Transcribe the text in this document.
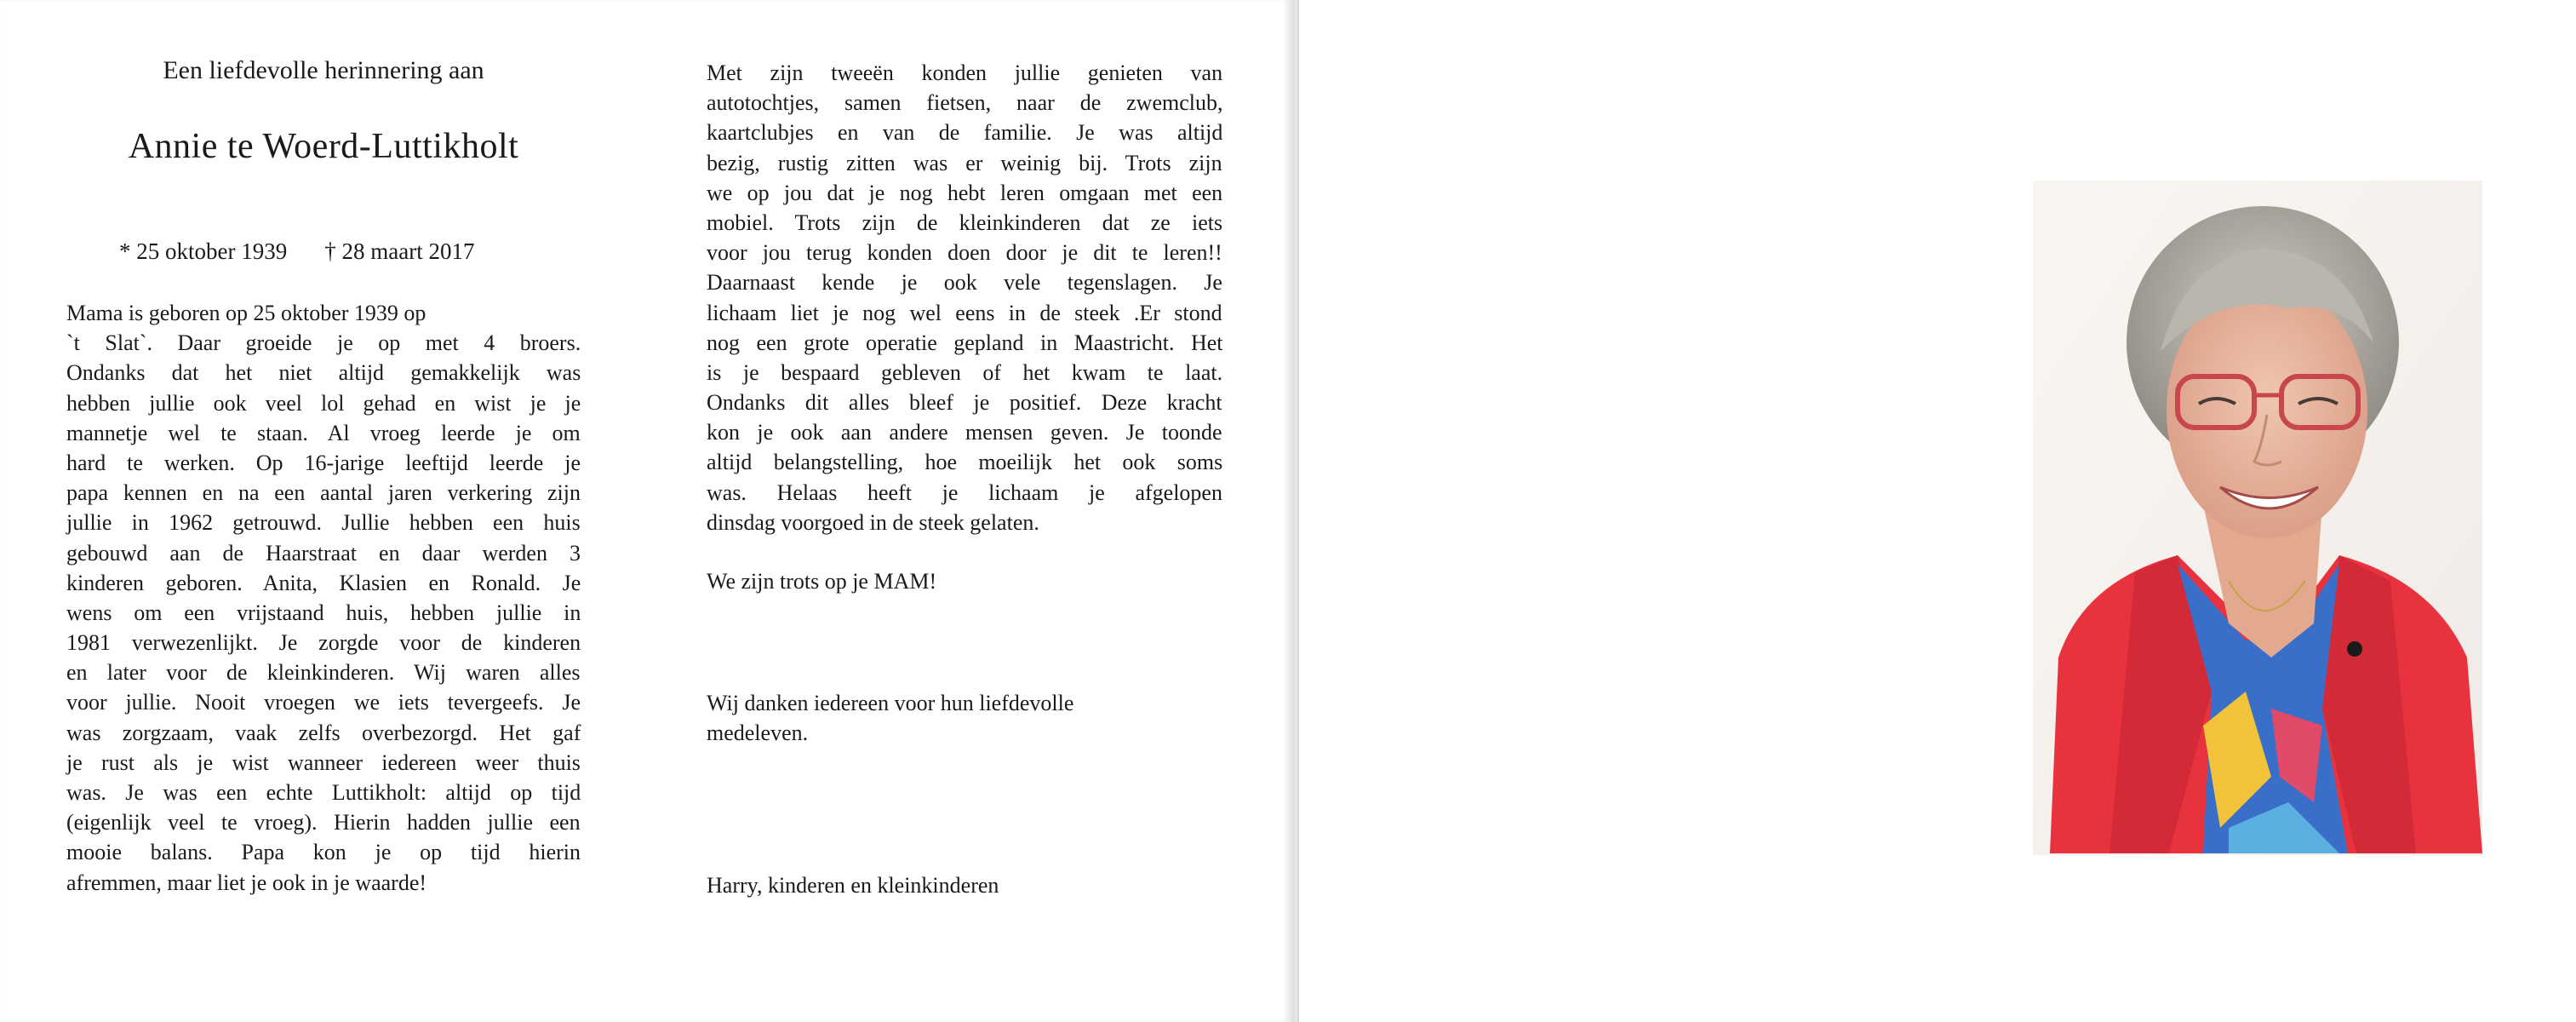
Een liefdevolle herinnering aan
Annie te Woerd-Luttikholt
* 25 oktober 1939 † 28 maart 2017
Mama is geboren op 25 oktober 1939 op
`t Slat`. Daar groeide je op met 4 broers.
Ondanks dat het niet altijd gemakkelijk was
hebben jullie ook veel lol gehad en wist je je
mannetje wel te staan. Al vroeg leerde je om
hard te werken. Op 16-jarige leeftijd leerde je
papa kennen en na een aantal jaren verkering zijn
jullie in 1962 getrouwd. Jullie hebben een huis
gebouwd aan de Haarstraat en daar werden 3
kinderen geboren. Anita, Klasien en Ronald. Je
wens om een vrijstaand huis, hebben jullie in
1981 verwezenlijkt. Je zorgde voor de kinderen
en later voor de kleinkinderen. Wij waren alles
voor jullie. Nooit vroegen we iets tevergeefs. Je
was zorgzaam, vaak zelfs overbezorgd. Het gaf
je rust als je wist wanneer iedereen weer thuis
was. Je was een echte Luttikholt: altijd op tijd
(eigenlijk veel te vroeg). Hierin hadden jullie een
mooie balans. Papa kon je op tijd hierin
afremmen, maar liet je ook in je waarde!
Met zijn tweeën konden jullie genieten van
autotochtjes, samen fietsen, naar de zwemclub,
kaartclubjes en van de familie. Je was altijd
bezig, rustig zitten was er weinig bij. Trots zijn
we op jou dat je nog hebt leren omgaan met een
mobiel. Trots zijn de kleinkinderen dat ze iets
voor jou terug konden doen door je dit te leren!!
Daarnaast kende je ook vele tegenslagen. Je
lichaam liet je nog wel eens in de steek .Er stond
nog een grote operatie gepland in Maastricht. Het
is je bespaard gebleven of het kwam te laat.
Ondanks dit alles bleef je positief. Deze kracht
kon je ook aan andere mensen geven. Je toonde
altijd belangstelling, hoe moeilijk het ook soms
was. Helaas heeft je lichaam je afgelopen
dinsdag voorgoed in de steek gelaten.
We zijn trots op je MAM!
Wij danken iedereen voor hun liefdevolle
medeleven.
Harry, kinderen en kleinkinderen
